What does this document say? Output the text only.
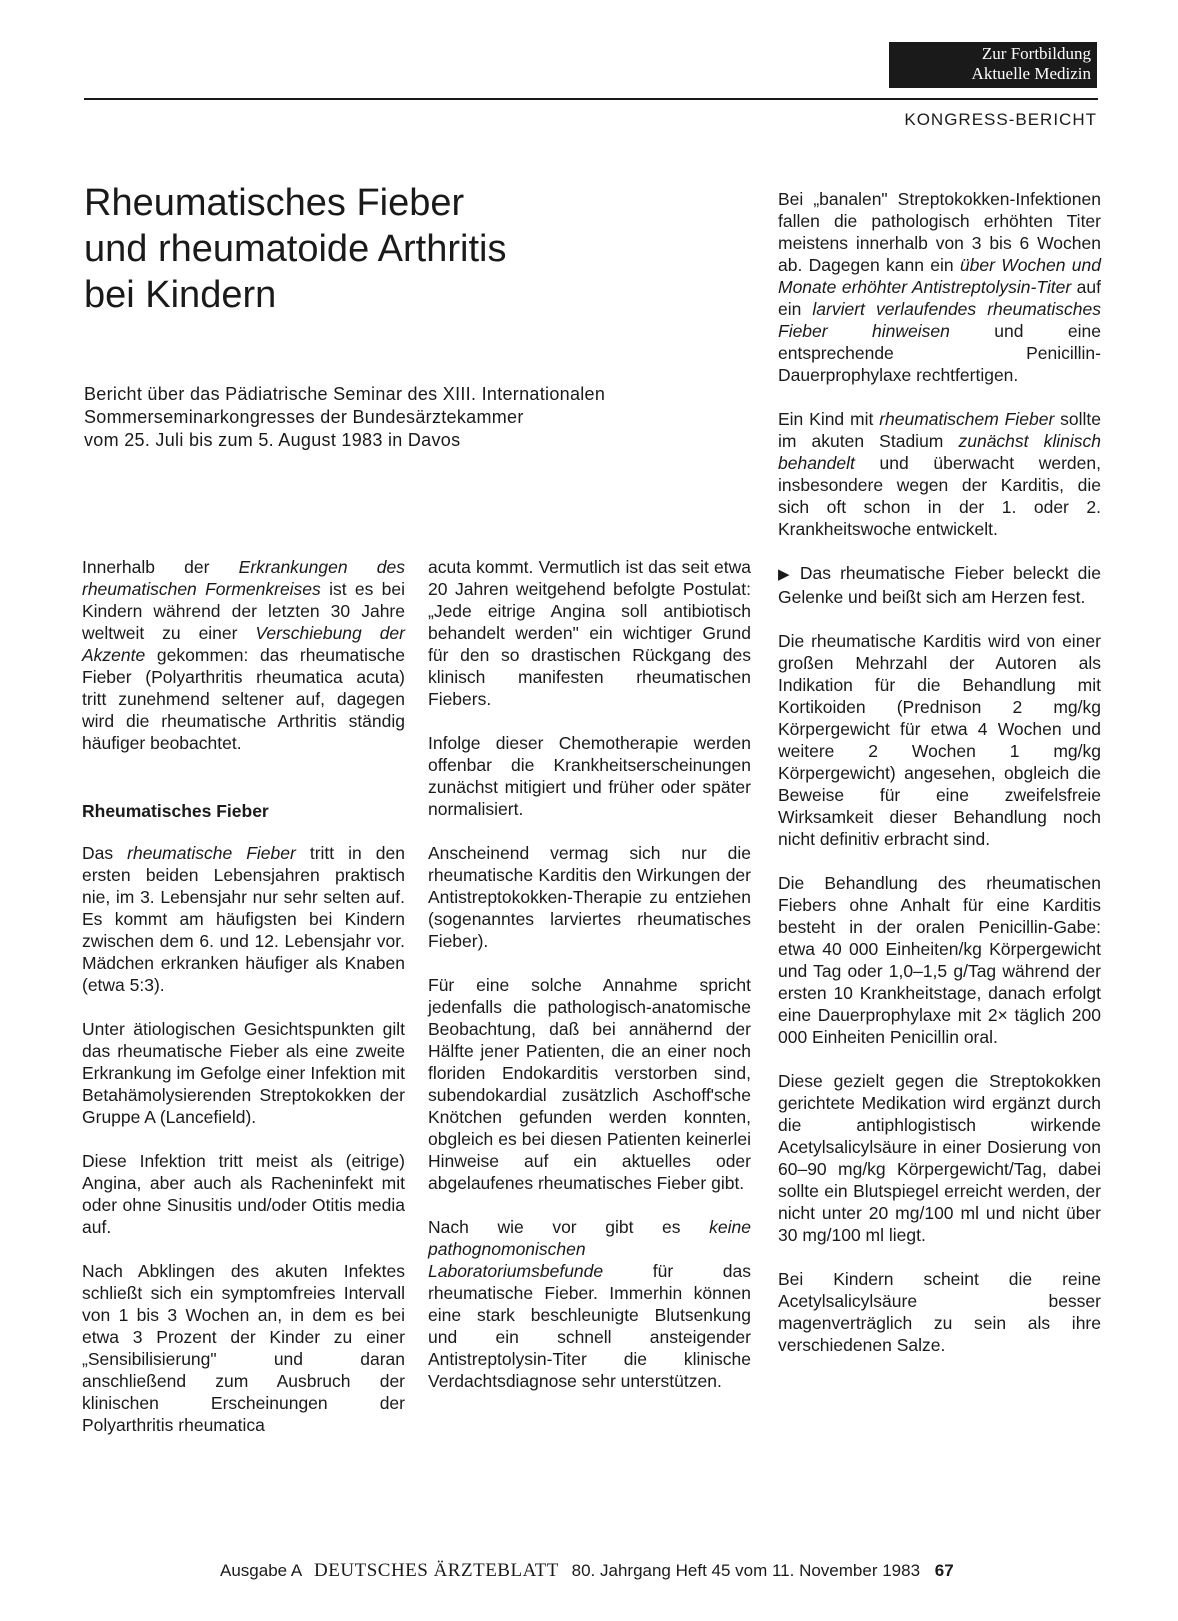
Zur Fortbildung
Aktuelle Medizin
KONGRESS-BERICHT
Rheumatisches Fieber
und rheumatoide Arthritis
bei Kindern
Bericht über das Pädiatrische Seminar des XIII. Internationalen
Sommerseminarkongresses der Bundesärztekammer
vom 25. Juli bis zum 5. August 1983 in Davos

Innerhalb der Erkrankungen des rheumatischen Formenkreises ist es bei Kindern während der letzten 30 Jahre weltweit zu einer Verschiebung der Akzente gekommen: das rheumatische Fieber (Polyarthritis rheumatica acuta) tritt zunehmend seltener auf, dagegen wird die rheumatische Arthritis ständig häufiger beobachtet.

Rheumatisches Fieber

Das rheumatische Fieber tritt in den ersten beiden Lebensjahren praktisch nie, im 3. Lebensjahr nur sehr selten auf. Es kommt am häufigsten bei Kindern zwischen dem 6. und 12. Lebensjahr vor. Mädchen erkranken häufiger als Knaben (etwa 5:3).

Unter ätiologischen Gesichtspunkten gilt das rheumatische Fieber als eine zweite Erkrankung im Gefolge einer Infektion mit Betahämolysierenden Streptokokken der Gruppe A (Lancefield).

Diese Infektion tritt meist als (eitrige) Angina, aber auch als Racheninfekt mit oder ohne Sinusitis und/oder Otitis media auf.

Nach Abklingen des akuten Infektes schließt sich ein symptomfreies Intervall von 1 bis 3 Wochen an, in dem es bei etwa 3 Prozent der Kinder zu einer „Sensibilisierung" und daran anschließend zum Ausbruch der klinischen Erscheinungen der Polyarthritis rheumatica

acuta kommt. Vermutlich ist das seit etwa 20 Jahren weitgehend befolgte Postulat: „Jede eitrige Angina soll antibiotisch behandelt werden" ein wichtiger Grund für den so drastischen Rückgang des klinisch manifesten rheumatischen Fiebers.

Infolge dieser Chemotherapie werden offenbar die Krankheitserscheinungen zunächst mitigiert und früher oder später normalisiert.

Anscheinend vermag sich nur die rheumatische Karditis den Wirkungen der Antistreptokokken-Therapie zu entziehen (sogenanntes larviertes rheumatisches Fieber).

Für eine solche Annahme spricht jedenfalls die pathologisch-anatomische Beobachtung, daß bei annähernd der Hälfte jener Patienten, die an einer noch floriden Endokarditis verstorben sind, subendokardial zusätzlich Aschoff'sche Knötchen gefunden werden konnten, obgleich es bei diesen Patienten keinerlei Hinweise auf ein aktuelles oder abgelaufenes rheumatisches Fieber gibt.

Nach wie vor gibt es keine pathognomonischen Laboratoriumsbefunde für das rheumatische Fieber. Immerhin können eine stark beschleunigte Blutsenkung und ein schnell ansteigender Antistreptolysin-Titer die klinische Verdachtsdiagnose sehr unterstützen.

Bei „banalen" Streptokokken-Infektionen fallen die pathologisch erhöhten Titer meistens innerhalb von 3 bis 6 Wochen ab. Dagegen kann ein über Wochen und Monate erhöhter Antistreptolysin-Titer auf ein larviert verlaufendes rheumatisches Fieber hinweisen und eine entsprechende Penicillin-Dauerprophylaxe rechtfertigen.

Ein Kind mit rheumatischem Fieber sollte im akuten Stadium zunächst klinisch behandelt und überwacht werden, insbesondere wegen der Karditis, die sich oft schon in der 1. oder 2. Krankheitswoche entwickelt.

▶ Das rheumatische Fieber beleckt die Gelenke und beißt sich am Herzen fest.

Die rheumatische Karditis wird von einer großen Mehrzahl der Autoren als Indikation für die Behandlung mit Kortikoiden (Prednison 2 mg/kg Körpergewicht für etwa 4 Wochen und weitere 2 Wochen 1 mg/kg Körpergewicht) angesehen, obgleich die Beweise für eine zweifelsfreie Wirksamkeit dieser Behandlung noch nicht definitiv erbracht sind.

Die Behandlung des rheumatischen Fiebers ohne Anhalt für eine Karditis besteht in der oralen Penicillin-Gabe: etwa 40 000 Einheiten/kg Körpergewicht und Tag oder 1,0–1,5 g/Tag während der ersten 10 Krankheitstage, danach erfolgt eine Dauerprophylaxe mit 2× täglich 200 000 Einheiten Penicillin oral.

Diese gezielt gegen die Streptokokken gerichtete Medikation wird ergänzt durch die antiphlogistisch wirkende Acetylsalicylsäure in einer Dosierung von 60–90 mg/kg Körpergewicht/Tag, dabei sollte ein Blutspiegel erreicht werden, der nicht unter 20 mg/100 ml und nicht über 30 mg/100 ml liegt.

Bei Kindern scheint die reine Acetylsalicylsäure besser magenverträglich zu sein als ihre verschiedenen Salze.

Ausgabe A DEUTSCHES ÄRZTEBLATT 80. Jahrgang Heft 45 vom 11. November 1983 67
